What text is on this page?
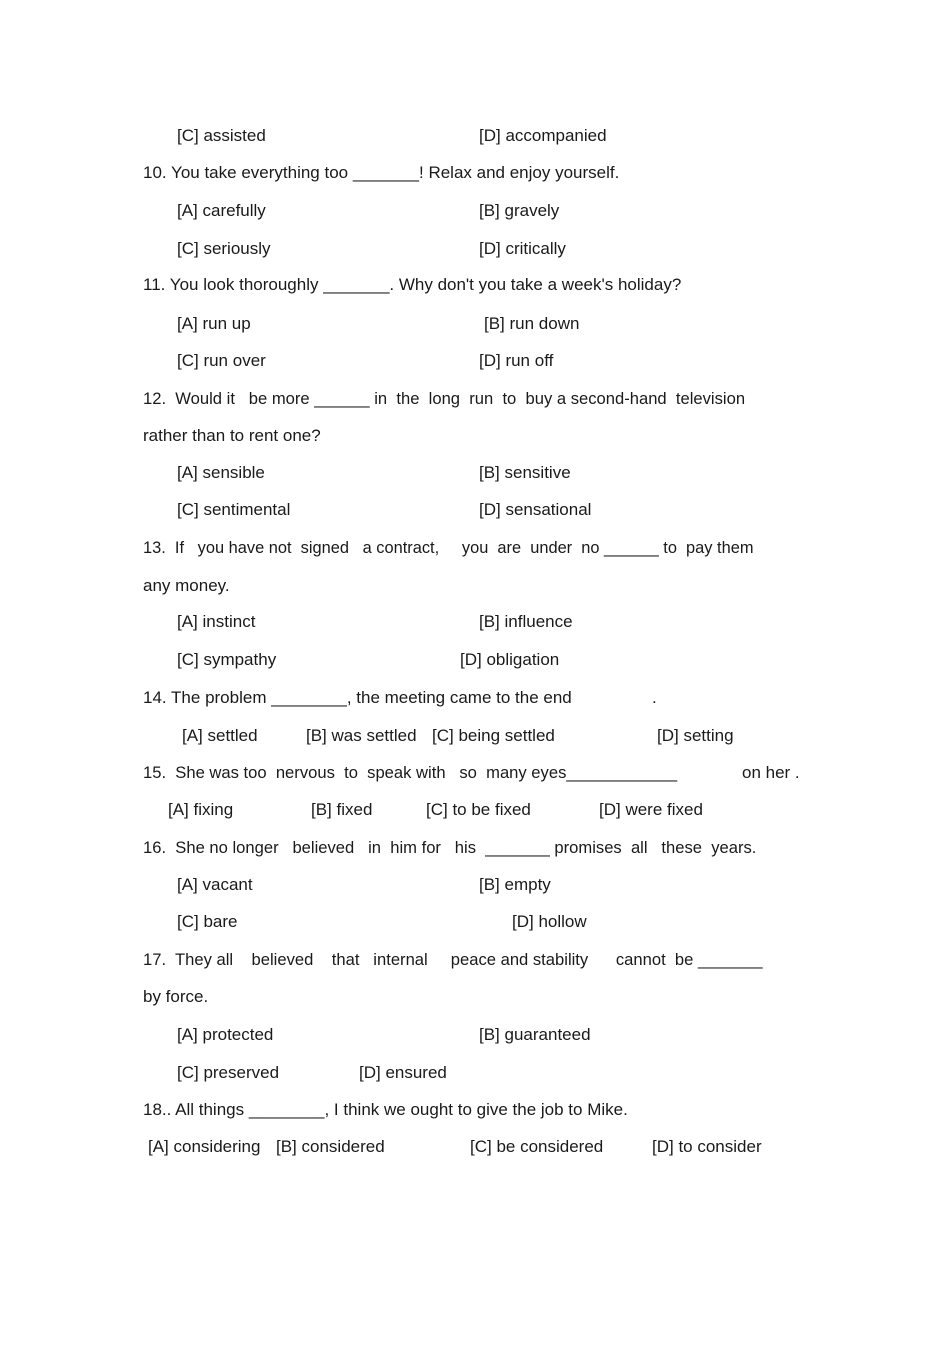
[C] assisted	[D] accompanied
10. You take everything too _______! Relax and enjoy yourself.
[A] carefully	[B] gravely
[C] seriously	[D] critically
11. You look thoroughly _______. Why don't you take a week's holiday?
[A] run up	[B] run down
[C] run over	[D] run off
12.  Would it   be more ______ in  the  long  run  to  buy a second-hand  television
rather than to rent one?
[A] sensible	[B] sensitive
[C] sentimental	[D] sensational
13.  If   you have not  signed   a contract,     you  are  under  no ______ to  pay them
any money.
[A] instinct	[B] influence
[C] sympathy	[D] obligation
14. The problem ________, the meeting came to the end	.
[A] settled	[B] was settled [C] being settled	[D] setting
15.  She was too  nervous  to  speak with   so  many eyes____________	on her .
[A] fixing	[B] fixed	[C] to be fixed	[D] were fixed
16.  She no longer   believed   in  him for   his  _______ promises  all   these  years.
[A] vacant	[B] empty
[C] bare	[D] hollow
17.  They all    believed    that   internal     peace and stability      cannot  be _______
by force.
[A] protected	[B] guaranteed
[C] preserved	[D] ensured
18.. All things ________, I think we ought to give the job to Mike.
[A] considering [B] considered	[C] be considered	[D] to consider
